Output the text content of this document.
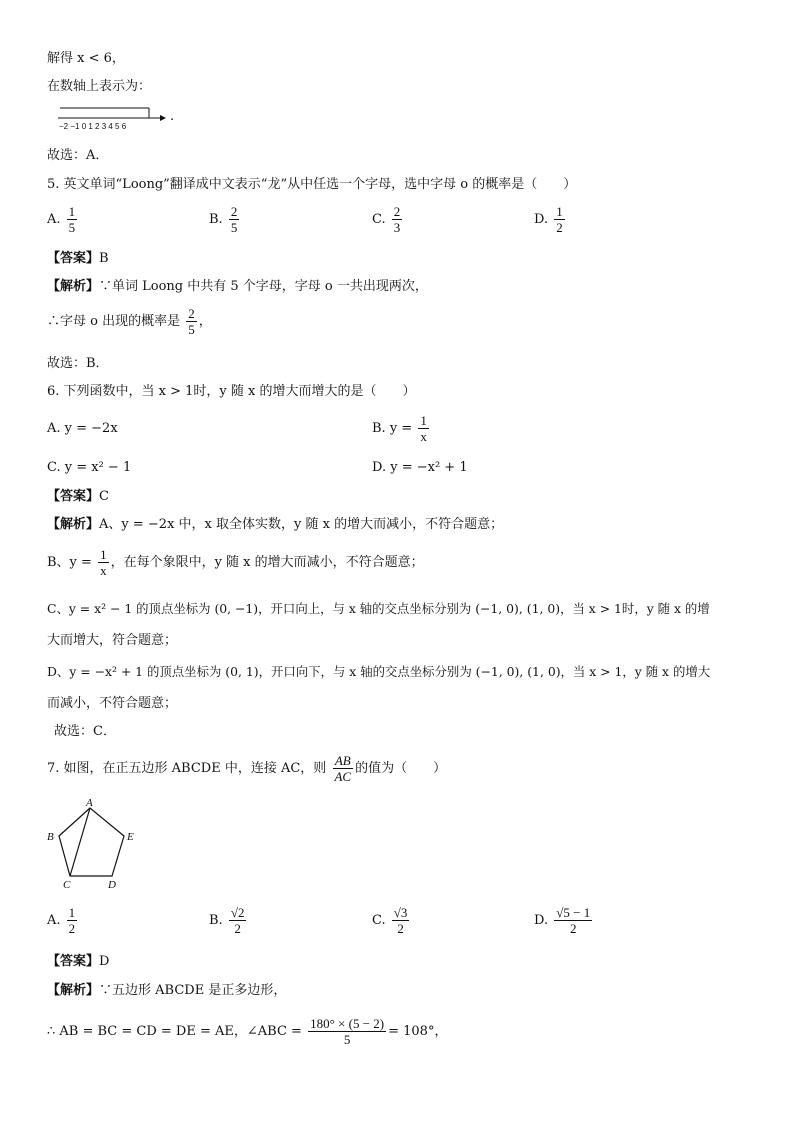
解得 x < 6，
在数轴上表示为：
−2 −1 0 1 2 3 4 5 6
.
故选：A．
5. 英文单词“Loong”翻译成中文表示“龙”从中任选一个字母，选中字母 o 的概率是（　　）
A. $\frac{1}{5}$	B. $\frac{2}{5}$	C. $\frac{2}{3}$	D. $\frac{1}{2}$
【答案】B
【解析】∵单词 Loong 中共有 5 个字母，字母 o 一共出现两次，
∴字母 o 出现的概率是 $\frac{2}{5}$ ，
故选：B．
6. 下列函数中，当 x > 1时，y 随 x 的增大而增大的是（　　）
A. y = −2x	B. $y = \frac{1}{x}$
C. y = x² − 1	D. y = −x² + 1
【答案】C
【解析】A、y = −2x 中，x 取全体实数，y 随 x 的增大而减小，不符合题意；
B、$y = \frac{1}{x}$ ，在每个象限中，y 随 x 的增大而减小，不符合题意；
C、y = x² − 1 的顶点坐标为 (0, −1)，开口向上，与 x 轴的交点坐标分别为 (−1, 0), (1, 0)，当 x > 1时，y 随 x 的增
大而增大，符合题意；
D、y = −x² + 1 的顶点坐标为 (0, 1)，开口向下，与 x 轴的交点坐标分别为 (−1, 0), (1, 0)，当 x > 1，y 随 x 的增大
而减小，不符合题意；
故选：C．
7. 如图，在正五边形 ABCDE 中，连接 AC，则 $\frac{AB}{AC}$ 的值为（　　）
A
B
C	D
E
A. $\frac{1}{2}$	B. $\frac{√2}{2}$	C. $\frac{√3}{2}$	D. $\frac{√5 - 1}{2}$
【答案】D
【解析】∵五边形 ABCDE 是正多边形，
∴ AB = BC = CD = DE = AE，∠ABC = $\frac{180^\circ \times (5 - 2)}{5} = 108^\circ$，
